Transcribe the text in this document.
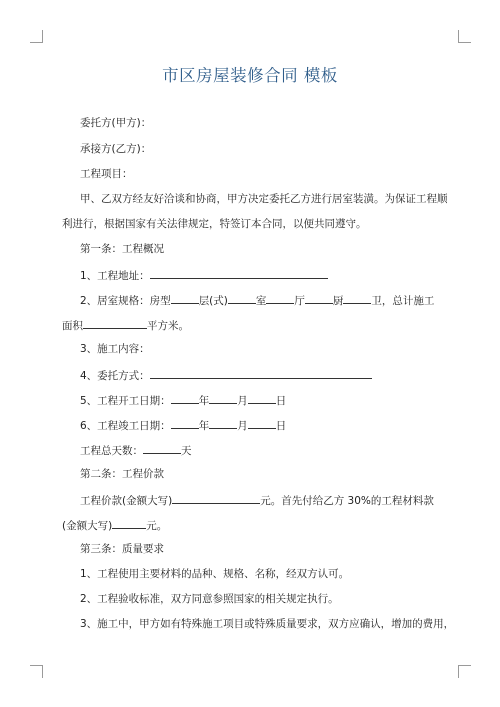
市区房屋装修合同 模板
委托方(甲方)：
承接方(乙方)：
工程项目：
甲、乙双方经友好洽谈和协商，甲方决定委托乙方进行居室装潢。为保证工程顺
利进行，根据国家有关法律规定，特签订本合同，以便共同遵守。
第一条：工程概况
1、工程地址：
2、居室规格：房型	层(式)	室	厅	厨	卫，总计施工
面积	平方米。
3、施工内容：
4、委托方式：
5、工程开工日期：	年	月	日
6、工程竣工日期：	年	月	日
工程总天数：	天
第二条：工程价款
工程价款(金额大写)	元。首先付给乙方 30%的工程材料款
(金额大写)	元。
第三条：质量要求
1、工程使用主要材料的品种、规格、名称，经双方认可。
2、工程验收标准，双方同意参照国家的相关规定执行。
3、施工中，甲方如有特殊施工项目或特殊质量要求，双方应确认，增加的费用，
